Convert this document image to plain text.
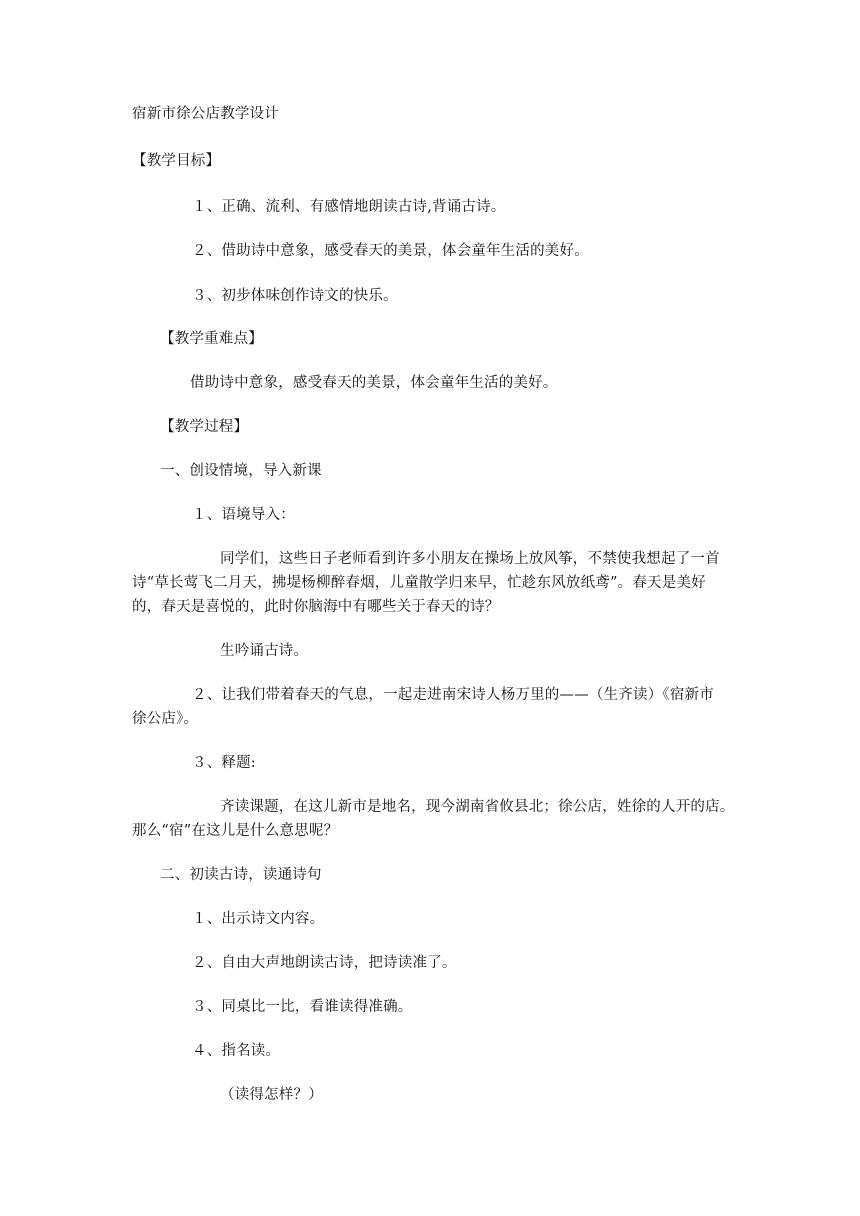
宿新市徐公店教学设计
【教学目标】
１、正确、流利、有感情地朗读古诗,背诵古诗。
２、借助诗中意象，感受春天的美景，体会童年生活的美好。
３、初步体味创作诗文的快乐。
【教学重难点】
借助诗中意象，感受春天的美景，体会童年生活的美好。
【教学过程】
一、创设情境，导入新课
１、语境导入：
同学们，这些日子老师看到许多小朋友在操场上放风筝，不禁使我想起了一首
诗“草长莺飞二月天，拂堤杨柳醉春烟，儿童散学归来早，忙趁东风放纸鸢”。春天是美好
的，春天是喜悦的，此时你脑海中有哪些关于春天的诗？
生吟诵古诗。
２、让我们带着春天的气息，一起走进南宋诗人杨万里的——（生齐读）《宿新市
徐公店》。
３、释题:
齐读课题，在这儿新市是地名，现今湖南省攸县北；徐公店，姓徐的人开的店。
那么“宿”在这儿是什么意思呢？
二、初读古诗，读通诗句
１、出示诗文内容。
２、自由大声地朗读古诗，把诗读准了。
３、同桌比一比，看谁读得准确。
４、指名读。
（读得怎样？）
